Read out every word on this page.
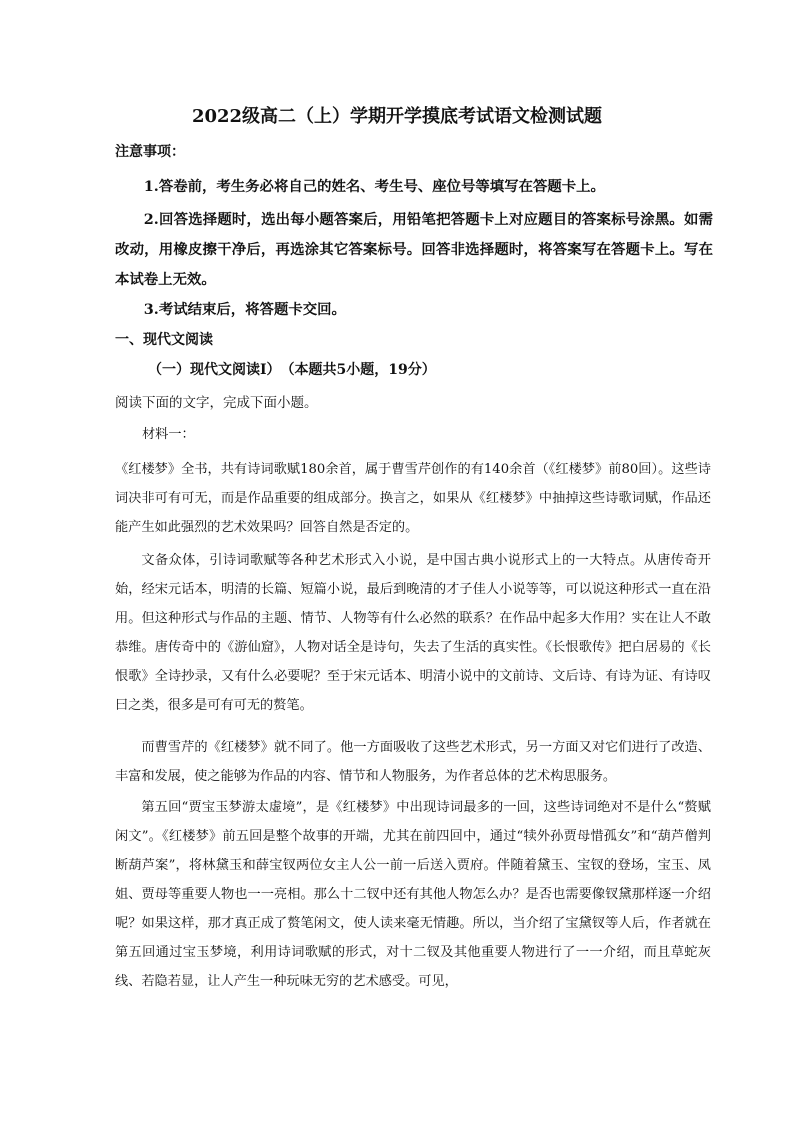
2022级高二（上）学期开学摸底考试语文检测试题
注意事项：
1.答卷前，考生务必将自己的姓名、考生号、座位号等填写在答题卡上。
2.回答选择题时，选出每小题答案后，用铅笔把答题卡上对应题目的答案标号涂黑。如需改动，用橡皮擦干净后，再选涂其它答案标号。回答非选择题时，将答案写在答题卡上。写在本试卷上无效。
3.考试结束后，将答题卡交回。
一、现代文阅读
（一）现代文阅读Ⅰ）　（本题共5小题，19分）
阅读下面的文字，完成下面小题。
材料一：
《红楼梦》全书，共有诗词歌赋180余首，属于曹雪芹创作的有140余首（《红楼梦》前80回）。这些诗词决非可有可无，而是作品重要的组成部分。换言之，如果从《红楼梦》中抽掉这些诗歌词赋，作品还能产生如此强烈的艺术效果吗？回答自然是否定的。
文备众体，引诗词歌赋等各种艺术形式入小说，是中国古典小说形式上的一大特点。从唐传奇开始，经宋元话本，明清的长篇、短篇小说，最后到晚清的才子佳人小说等等，可以说这种形式一直在沿用。但这种形式与作品的主题、情节、人物等有什么必然的联系？在作品中起多大作用？实在让人不敢恭维。唐传奇中的《游仙窟》，人物对话全是诗句，失去了生活的真实性。《长恨歌传》把白居易的《长恨歌》全诗抄录，又有什么必要呢？至于宋元话本、明清小说中的文前诗、文后诗、有诗为证、有诗叹曰之类，很多是可有可无的赘笔。
而曹雪芹的《红楼梦》就不同了。他一方面吸收了这些艺术形式，另一方面又对它们进行了改造、丰富和发展，使之能够为作品的内容、情节和人物服务，为作者总体的艺术构思服务。
第五回“贾宝玉梦游太虚境”，是《红楼梦》中出现诗词最多的一回，这些诗词绝对不是什么“赘赋闲文”。《红楼梦》前五回是整个故事的开端，尤其在前四回中，通过“犊外孙贾母惜孤女”和“葫芦僧判断葫芦案”，将林黛玉和薛宝钗两位女主人公一前一后送入贾府。伴随着黛玉、宝钗的登场，宝玉、凤姐、贾母等重要人物也一一亮相。那么十二钗中还有其他人物怎么办？是否也需要像钗黛那样逐一介绍呢？如果这样，那才真正成了赘笔闲文，使人读来毫无情趣。所以，当介绍了宝黛钗等人后，作者就在第五回通过宝玉梦境，利用诗词歌赋的形式，对十二钗及其他重要人物进行了一一介绍，而且草蛇灰线、若隐若显，让人产生一种玩味无穷的艺术感受。可见，
